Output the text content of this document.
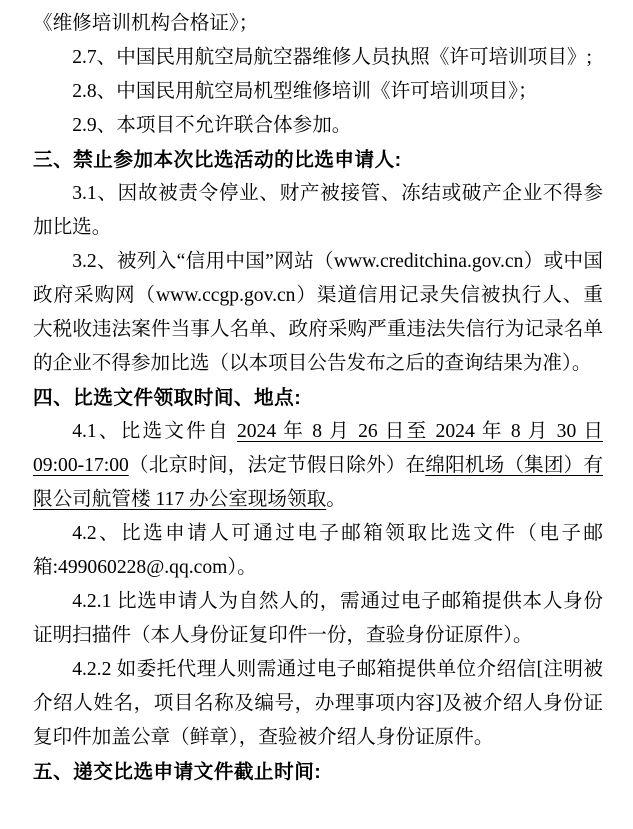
《维修培训机构合格证》；

2.7、中国民用航空局航空器维修人员执照《许可培训项目》;

2.8、中国民用航空局机型维修培训《许可培训项目》；

2.9、本项目不允许联合体参加。

三、禁止参加本次比选活动的比选申请人:

3.1、因故被责令停业、财产被接管、冻结或破产企业不得参加比选。

3.2、被列入“信用中国”网站（www.creditchina.gov.cn）或中国政府采购网（www.ccgp.gov.cn）渠道信用记录失信被执行人、重大税收违法案件当事人名单、政府采购严重违法失信行为记录名单的企业不得参加比选（以本项目公告发布之后的查询结果为准）。

四、比选文件领取时间、地点:

4.1、比选文件自 2024 年 8 月 26 日至 2024 年 8 月 30 日 09:00-17:00（北京时间，法定节假日除外）在绵阳机场（集团）有限公司航管楼 117 办公室现场领取。

4.2、比选申请人可通过电子邮箱领取比选文件（电子邮箱:499060228@.qq.com）。

4.2.1 比选申请人为自然人的，需通过电子邮箱提供本人身份证明扫描件（本人身份证复印件一份，查验身份证原件）。

4.2.2 如委托代理人则需通过电子邮箱提供单位介绍信[注明被介绍人姓名，项目名称及编号，办理事项内容]及被介绍人身份证复印件加盖公章（鲜章），查验被介绍人身份证原件。

五、递交比选申请文件截止时间:
